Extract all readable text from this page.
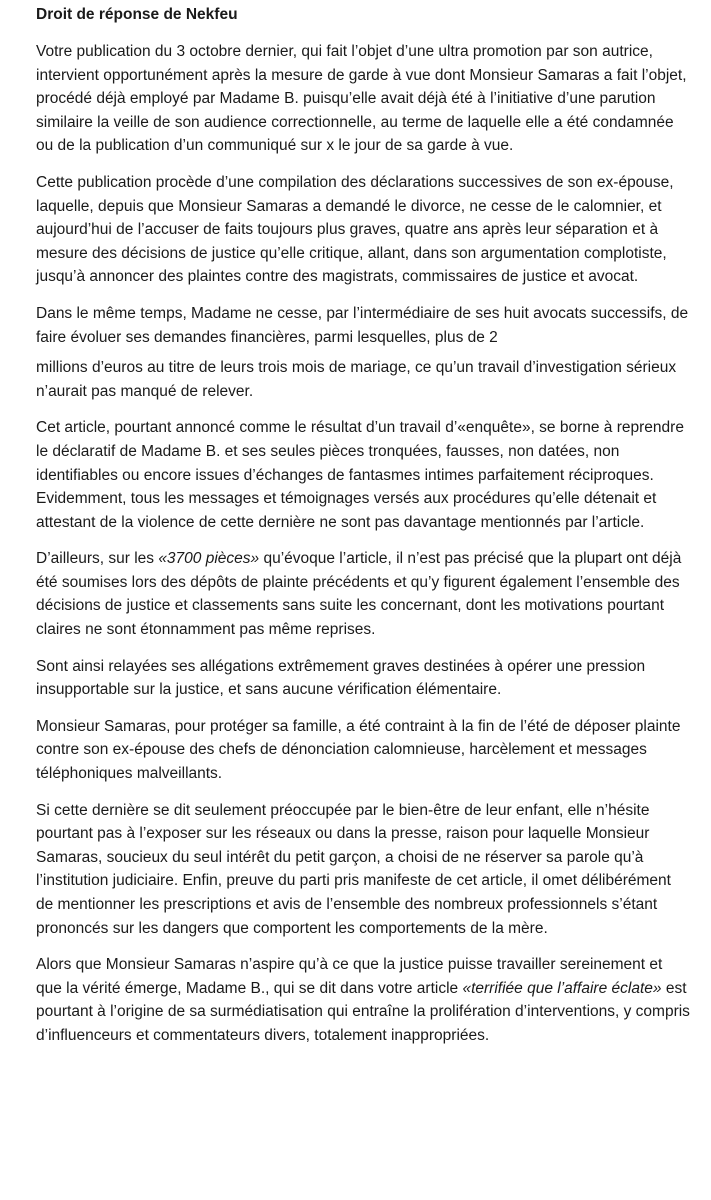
Droit de réponse de Nekfeu

Votre publication du 3 octobre dernier, qui fait l’objet d’une ultra promotion par son autrice, intervient opportunément après la mesure de garde à vue dont Monsieur Samaras a fait l’objet, procédé déjà employé par Madame B. puisqu’elle avait déjà été à l’initiative d’une parution similaire la veille de son audience correctionnelle, au terme de laquelle elle a été condamnée ou de la publication d’un communiqué sur x le jour de sa garde à vue.

Cette publication procède d’une compilation des déclarations successives de son ex-épouse, laquelle, depuis que Monsieur Samaras a demandé le divorce, ne cesse de le calomnier, et aujourd’hui de l’accuser de faits toujours plus graves, quatre ans après leur séparation et à mesure des décisions de justice qu’elle critique, allant, dans son argumentation complotiste, jusqu’à annoncer des plaintes contre des magistrats, commissaires de justice et avocat.

Dans le même temps, Madame ne cesse, par l’intermédiaire de ses huit avocats successifs, de faire évoluer ses demandes financières, parmi lesquelles, plus de 2

millions d’euros au titre de leurs trois mois de mariage, ce qu’un travail d’investigation sérieux n’aurait pas manqué de relever.

Cet article, pourtant annoncé comme le résultat d’un travail d’«enquête», se borne à reprendre le déclaratif de Madame B. et ses seules pièces tronquées, fausses, non datées, non identifiables ou encore issues d’échanges de fantasmes intimes parfaitement réciproques. Evidemment, tous les messages et témoignages versés aux procédures qu’elle détenait et attestant de la violence de cette dernière ne sont pas davantage mentionnés par l’article.

D’ailleurs, sur les «3700 pièces» qu’évoque l’article, il n’est pas précisé que la plupart ont déjà été soumises lors des dépôts de plainte précédents et qu’y figurent également l’ensemble des décisions de justice et classements sans suite les concernant, dont les motivations pourtant claires ne sont étonnamment pas même reprises.

Sont ainsi relayées ses allégations extrêmement graves destinées à opérer une pression insupportable sur la justice, et sans aucune vérification élémentaire.

Monsieur Samaras, pour protéger sa famille, a été contraint à la fin de l’été de déposer plainte contre son ex-épouse des chefs de dénonciation calomnieuse, harcèlement et messages téléphoniques malveillants.

Si cette dernière se dit seulement préoccupée par le bien-être de leur enfant, elle n’hésite pourtant pas à l’exposer sur les réseaux ou dans la presse, raison pour laquelle Monsieur Samaras, soucieux du seul intérêt du petit garçon, a choisi de ne réserver sa parole qu’à l’institution judiciaire. Enfin, preuve du parti pris manifeste de cet article, il omet délibérément de mentionner les prescriptions et avis de l’ensemble des nombreux professionnels s’étant prononcés sur les dangers que comportent les comportements de la mère.

Alors que Monsieur Samaras n’aspire qu’à ce que la justice puisse travailler sereinement et que la vérité émerge, Madame B., qui se dit dans votre article «terrifiée que l’affaire éclate» est pourtant à l’origine de sa surmédiatisation qui entraîne la prolifération d’interventions, y compris d’influenceurs et commentateurs divers, totalement inappropriées.
